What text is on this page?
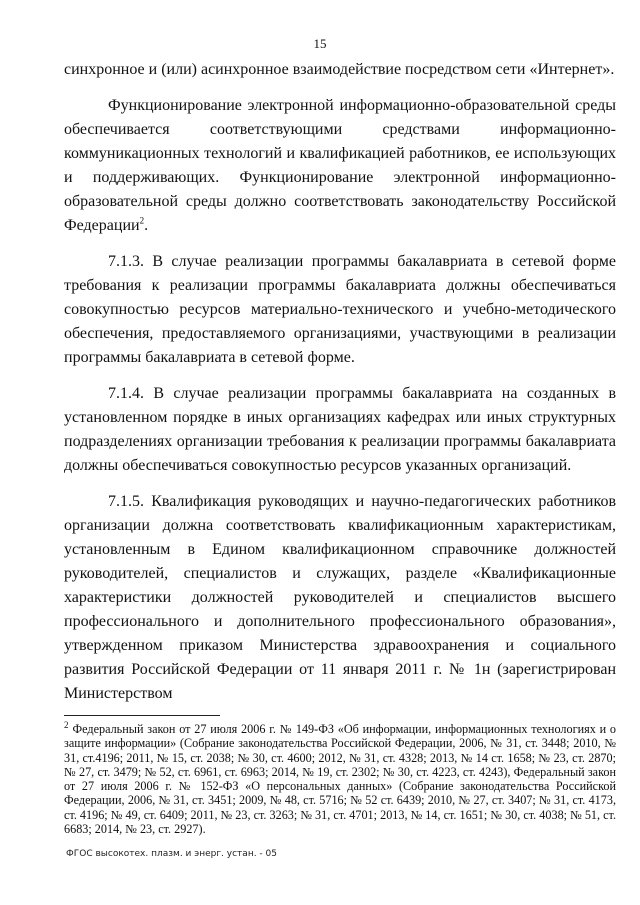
15

синхронное и (или) асинхронное взаимодействие посредством сети «Интернет».

Функционирование электронной информационно-образовательной среды обеспечивается соответствующими средствами информационно-коммуникационных технологий и квалификацией работников, ее использующих и поддерживающих. Функционирование электронной информационно-образовательной среды должно соответствовать законодательству Российской Федерации$^2$.

7.1.3. В случае реализации программы бакалавриата в сетевой форме требования к реализации программы бакалавриата должны обеспечиваться совокупностью ресурсов материально-технического и учебно-методического обеспечения, предоставляемого организациями, участвующими в реализации программы бакалавриата в сетевой форме.

7.1.4. В случае реализации программы бакалавриата на созданных в установленном порядке в иных организациях кафедрах или иных структурных подразделениях организации требования к реализации программы бакалавриата должны обеспечиваться совокупностью ресурсов указанных организаций.

7.1.5. Квалификация руководящих и научно-педагогических работников организации должна соответствовать квалификационным характеристикам, установленным в Едином квалификационном справочнике должностей руководителей, специалистов и служащих, разделе «Квалификационные характеристики должностей руководителей и специалистов высшего профессионального и дополнительного профессионального образования», утвержденном приказом Министерства здравоохранения и социального развития Российской Федерации от 11 января 2011 г. № 1н (зарегистрирован Министерством

$^2$ Федеральный закон от 27 июля 2006 г. № 149-ФЗ «Об информации, информационных технологиях и о защите информации» (Собрание законодательства Российской Федерации, 2006, № 31, ст. 3448; 2010, № 31, ст.4196; 2011, № 15, ст. 2038; № 30, ст. 4600; 2012, № 31, ст. 4328; 2013, № 14 ст. 1658; № 23, ст. 2870; № 27, ст. 3479; № 52, ст. 6961, ст. 6963; 2014, № 19, ст. 2302; № 30, ст. 4223, ст. 4243), Федеральный закон от 27 июля 2006 г. № 152-ФЗ «О персональных данных» (Собрание законодательства Российской Федерации, 2006, № 31, ст. 3451; 2009, № 48, ст. 5716; № 52 ст. 6439; 2010, № 27, ст. 3407; № 31, ст. 4173, ст. 4196; № 49, ст. 6409; 2011, № 23, ст. 3263; № 31, ст. 4701; 2013, № 14, ст. 1651; № 30, ст. 4038; № 51, ст. 6683; 2014, № 23, ст. 2927).
ФГОС высокотех. плазм. и энерг. устан. - 05
